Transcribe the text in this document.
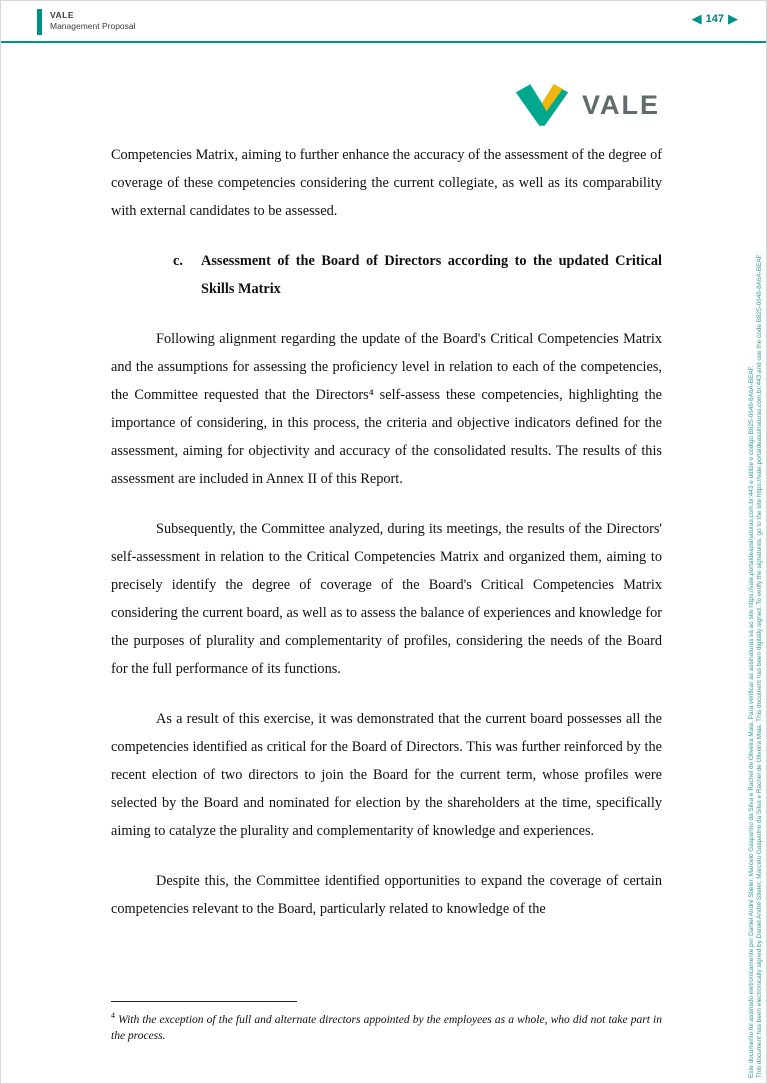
VALE
Management Proposal	◀ 147 ▶
VALE

Competencies Matrix, aiming to further enhance the accuracy of the assessment of the degree of coverage of these competencies considering the current collegiate, as well as its comparability with external candidates to be assessed.

c.	Assessment of the Board of Directors according to the updated Critical Skills Matrix

Following alignment regarding the update of the Board's Critical Competencies Matrix and the assumptions for assessing the proficiency level in relation to each of the competencies, the Committee requested that the Directors⁴ self-assess these competencies, highlighting the importance of considering, in this process, the criteria and objective indicators defined for the assessment, aiming for objectivity and accuracy of the consolidated results. The results of this assessment are included in Annex II of this Report.

Subsequently, the Committee analyzed, during its meetings, the results of the Directors' self-assessment in relation to the Critical Competencies Matrix and organized them, aiming to precisely identify the degree of coverage of the Board's Critical Competencies Matrix considering the current board, as well as to assess the balance of experiences and knowledge for the purposes of plurality and complementarity of profiles, considering the needs of the Board for the full performance of its functions.

As a result of this exercise, it was demonstrated that the current board possesses all the competencies identified as critical for the Board of Directors. This was further reinforced by the recent election of two directors to join the Board for the current term, whose profiles were selected by the Board and nominated for election by the shareholders at the time, specifically aiming to catalyze the plurality and complementarity of knowledge and experiences.

Despite this, the Committee identified opportunities to expand the coverage of certain competencies relevant to the Board, particularly related to knowledge of the

$^4$ With the exception of the full and alternate directors appointed by the employees as a whole, who did not take part in the process.	Este documento foi assinado eletronicamente por Daniel André Stieler, Marcelo Gasparino da Silva e Rachel de Oliveira Maia. Para verificar as assinaturas vá ao site https://vale.portaldeassinaturas.com.br:443 e utilize o código B825-0648-8A6A-BEAF. This document has been electronically signed by Daniel André Stieler, Marcelo Gasparino da Silva e Rachel de Oliveira Maia. This document has been digitally signed. To verify the signatures, go to the site https://vale.portaldeassinaturas.com.br:443 and use the code B825-0648-8A6A-BEAF.
